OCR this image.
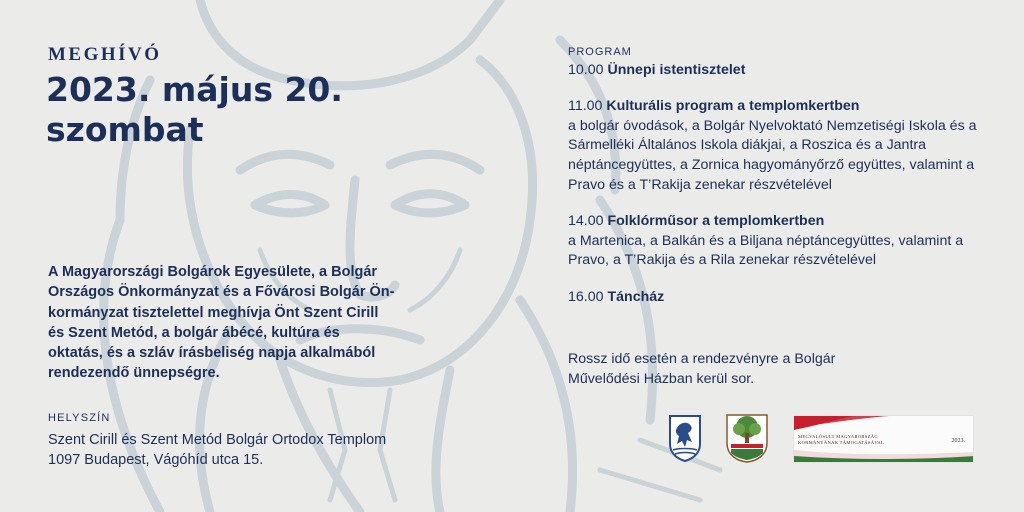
MEGHÍVÓ
2023. május 20.
szombat
A Magyarországi Bolgárok Egyesülete, a Bolgár Országos Önkormányzat és a Fővárosi Bolgár Ön-kormányzat tisztelettel meghívja Önt Szent Cirill és Szent Metód, a bolgár ábécé, kultúra és oktatás, és a szláv írásbeliség napja alkalmából rendezendő ünnepségre.
HELYSZÍN
Szent Cirill és Szent Metód Bolgár Ortodox Templom
1097 Budapest, Vágóhíd utca 15.
PROGRAM
10.00 Ünnepi istentisztelet
11.00 Kulturális program a templomkertben
a bolgár óvodások, a Bolgár Nyelvoktató Nemzetiségi Iskola és a Sármelléki Általános Iskola diákjai, a Roszica és a Jantra néptáncegyüttes, a Zornica hagyományőrző együttes, valamint a Pravo és a T’Rakija zenekar részvételével
14.00 Folklórműsor a templomkertben
a Martenica, a Balkán és a Biljana néptáncegyüttes, valamint a Pravo, a T’Rakija és a Rila zenekar részvételével
16.00 Táncház
Rossz idő esetén a rendezvényre a Bolgár Művelődési Házban kerül sor.
MEGVALÓSULT MAGYARORSZÁG
KORMÁNYÁNAK TÁMOGATÁSÁVAL	2023.
